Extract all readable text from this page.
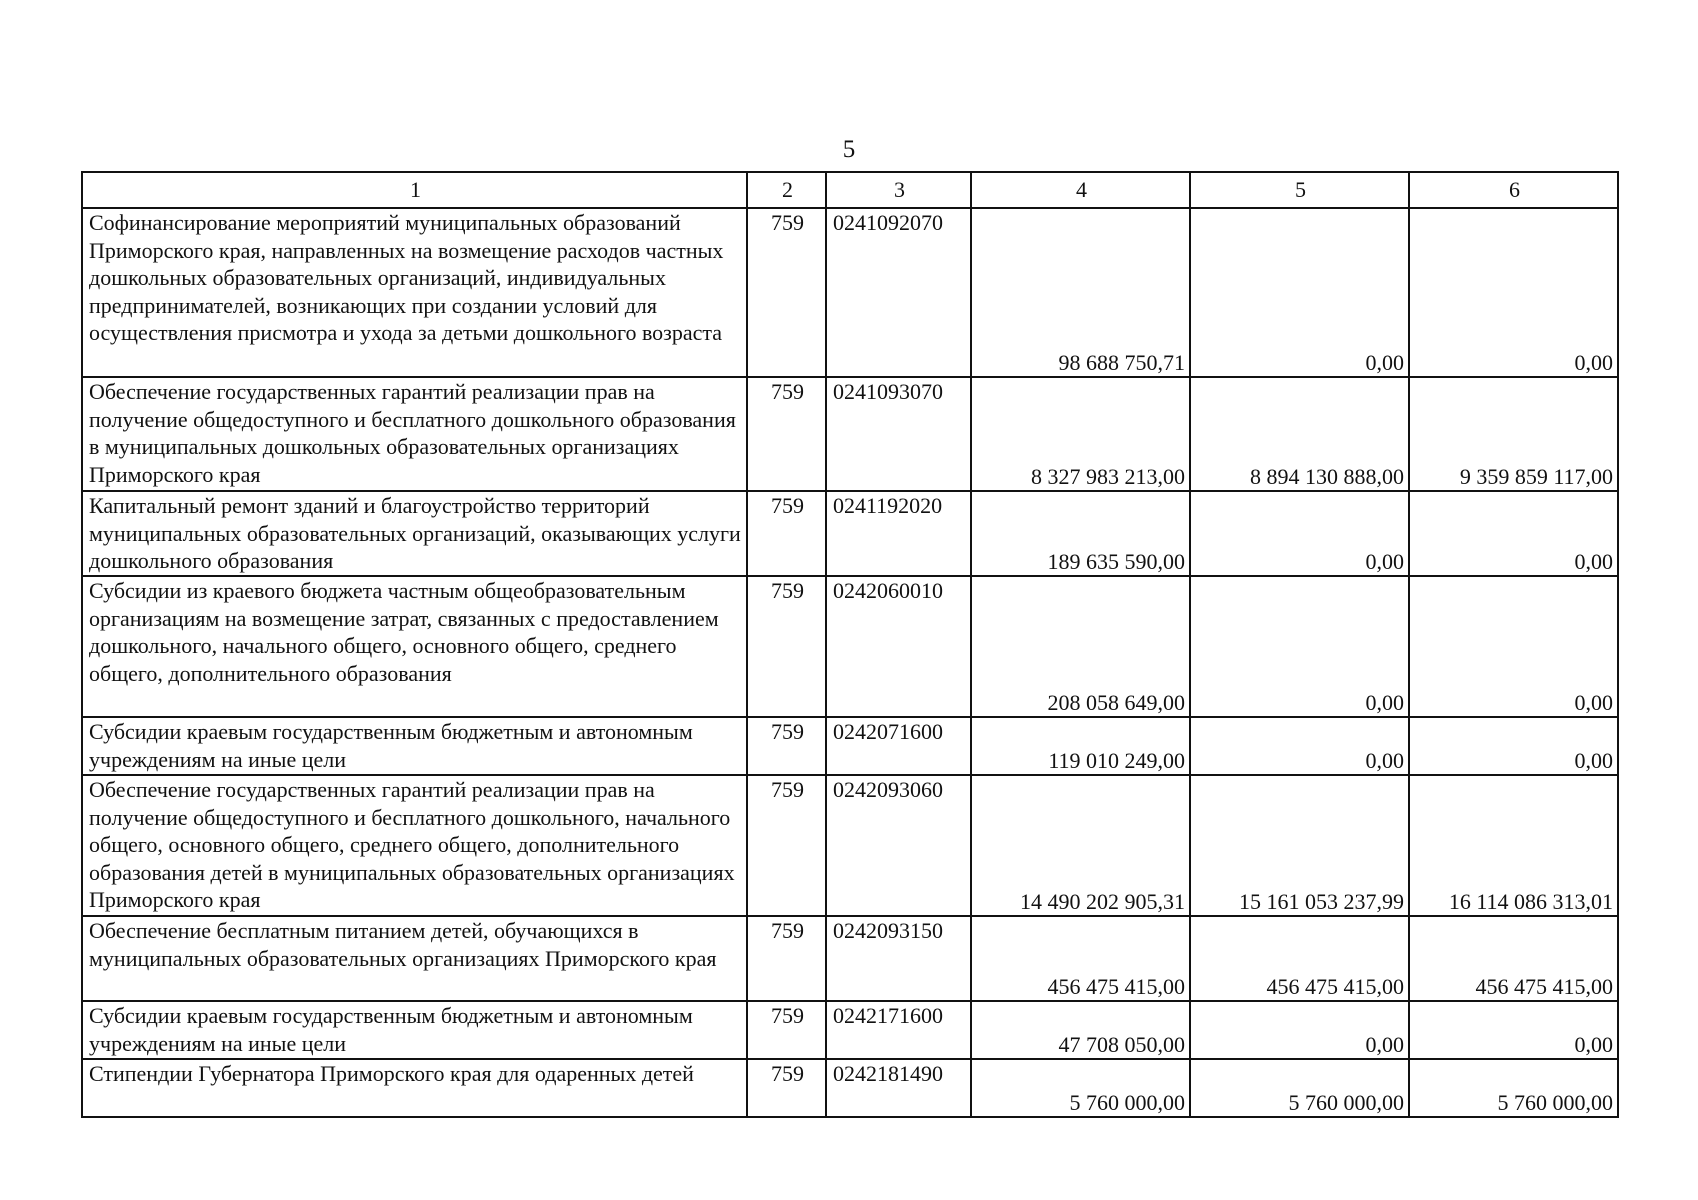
5
1	2	3	4	5	6
Софинансирование мероприятий муниципальных образований Приморского края, направленных на возмещение расходов частных дошкольных образовательных организаций, индивидуальных предпринимателей, возникающих при создании условий для осуществления присмотра и ухода за детьми дошкольного возраста	759	0241092070	98 688 750,71	0,00	0,00
Обеспечение государственных гарантий реализации прав на получение общедоступного и бесплатного дошкольного образования в муниципальных дошкольных образовательных организациях Приморского края	759	0241093070	8 327 983 213,00	8 894 130 888,00	9 359 859 117,00
Капитальный ремонт зданий и благоустройство территорий муниципальных образовательных организаций, оказывающих услуги дошкольного образования	759	0241192020	189 635 590,00	0,00	0,00
Субсидии из краевого бюджета частным общеобразовательным организациям на возмещение затрат, связанных с предоставлением дошкольного, начального общего, основного общего, среднего общего, дополнительного образования	759	0242060010	208 058 649,00	0,00	0,00
Субсидии краевым государственным бюджетным и автономным учреждениям на иные цели	759	0242071600	119 010 249,00	0,00	0,00
Обеспечение государственных гарантий реализации прав на получение общедоступного и бесплатного дошкольного, начального общего, основного общего, среднего общего, дополнительного образования детей в муниципальных образовательных организациях Приморского края	759	0242093060	14 490 202 905,31	15 161 053 237,99	16 114 086 313,01
Обеспечение бесплатным питанием детей, обучающихся в муниципальных образовательных организациях Приморского края	759	0242093150	456 475 415,00	456 475 415,00	456 475 415,00
Субсидии краевым государственным бюджетным и автономным учреждениям на иные цели	759	0242171600	47 708 050,00	0,00	0,00
Стипендии Губернатора Приморского края для одаренных детей	759	0242181490	5 760 000,00	5 760 000,00	5 760 000,00
